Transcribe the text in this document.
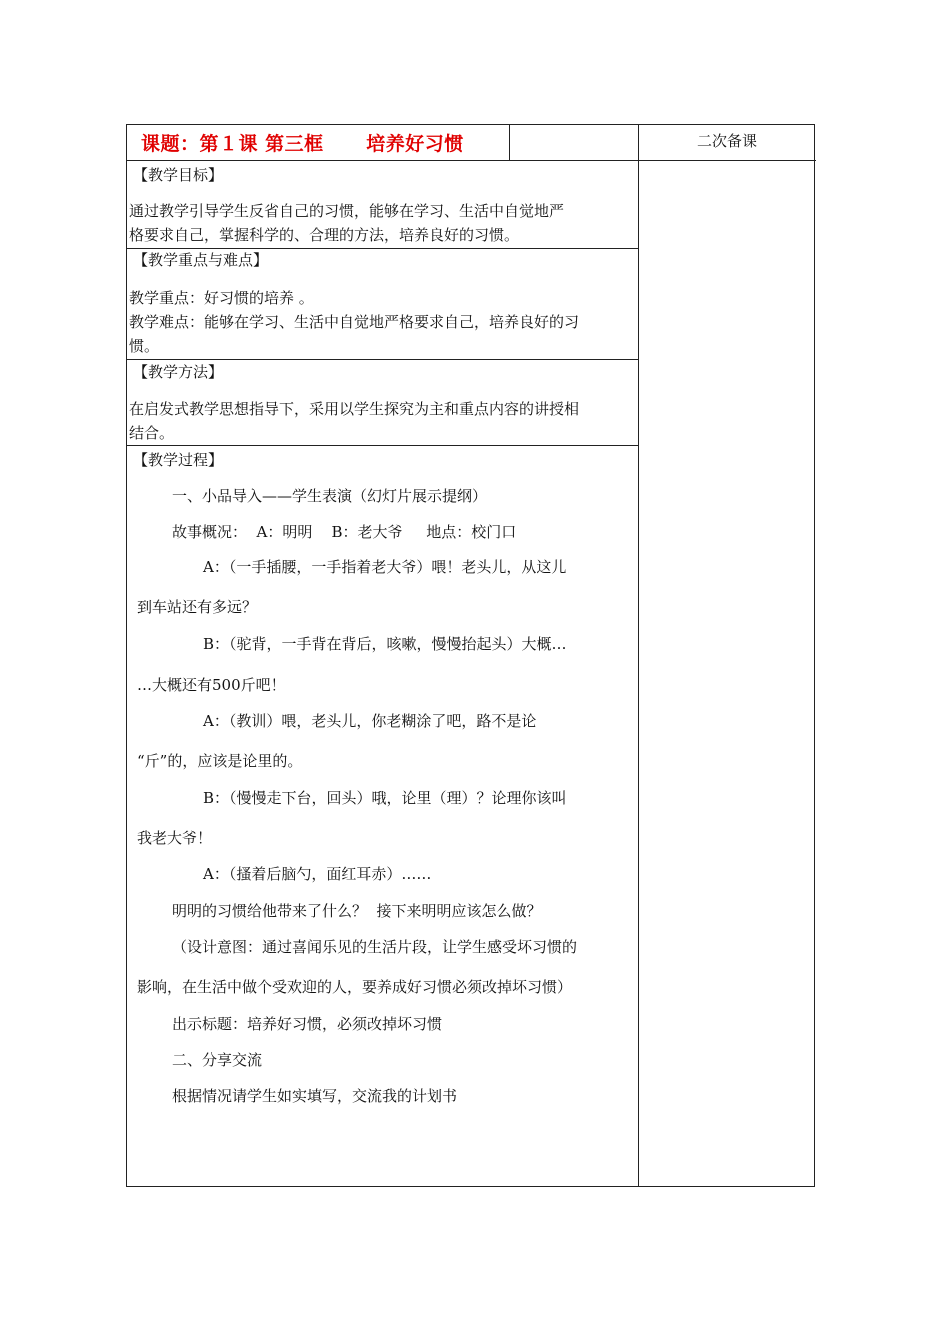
课题：第１课 第三框      培养好习惯	二次备课
【教学目标】
通过教学引导学生反省自己的习惯，能够在学习、生活中自觉地严
格要求自己，掌握科学的、合理的方法，培养良好的习惯。
【教学重点与难点】
教学重点：好习惯的培养 。
教学难点：能够在学习、生活中自觉地严格要求自己，培养良好的习
惯。
【教学方法】
在启发式教学思想指导下，采用以学生探究为主和重点内容的讲授相
结合。
【教学过程】
一、小品导入——学生表演（幻灯片展示提纲）
故事概况：  A：明明    B：老大爷     地点：校门口
A：（一手插腰，一手指着老大爷）喂！老头儿，从这儿
到车站还有多远？
B：（驼背，一手背在背后，咳嗽，慢慢抬起头）大概…
…大概还有500斤吧！
A：（教训）喂，老头儿，你老糊涂了吧，路不是论
“斤”的，应该是论里的。
B：（慢慢走下台，回头）哦，论里（理）？论理你该叫
我老大爷！
A：（搔着后脑勺，面红耳赤）……
明明的习惯给他带来了什么？  接下来明明应该怎么做？
（设计意图：通过喜闻乐见的生活片段，让学生感受坏习惯的
影响，在生活中做个受欢迎的人，要养成好习惯必须改掉坏习惯）
出示标题：培养好习惯，必须改掉坏习惯
二、分享交流
根据情况请学生如实填写，交流我的计划书
